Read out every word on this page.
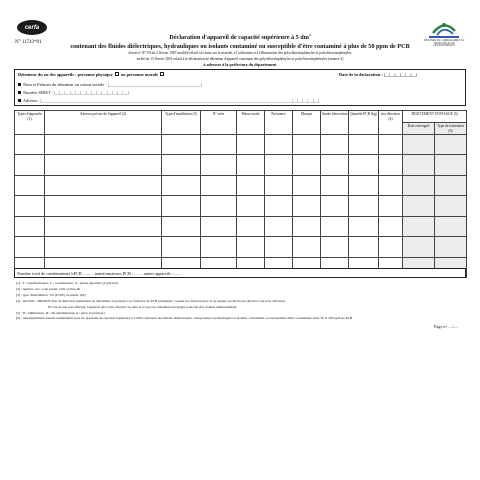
cerfa
N° 11743*01	MINISTÈRE DE L'AMÉNAGEMENT DU TERRITOIRE ET DE L'ENVIRONNEMENT
Déclaration d'appareil de capacité supérieure à 5 $dm^3$
contenant des fluides diélectriques, hydrauliques ou isolants contaminé ou susceptible d'être contaminé à plus de 50 ppm de PCB
décret n° 87-59 du 2 février 1987 modifié relatif à la mise sur le marché, à l'utilisation et à l'élimination des polychlorobiphényles et polychloroterphényles
arrêté du 13 février 2001 relatif à la déclaration de détention d'appareil contenant des polychlorobiphényles et polychloroterphényles (annexe 2)
à adresser à la préfecture du département
Détenteur du ou des appareils : personne physique ou personne morale	Date de la déclaration : |__|__|__|__|__|__|
Nom et Prénom du détenteur ou raison sociale : |__________________________________________|
Numéro SIRET : |__|__|__|__|__|__|__|__|__|__|__|__|__|__|
Adresse : |__________________________________________________________________________________________________________________|__|__|__|__|__|
Types d'appareils (1)	Adresse précise de l'appareil (2)	Type d'installation (3)	N° série	Masse totale	Puissance	Marque	Année fabrication	Quantité PCB (kg)	test détection (4)	TRAITEMENT ENVISAGE (5)	
										Date envisagée	Type de traitement (6)

Nombre total de condensateurs hPCB : ........ transformateurs PCB : ........ autres appareils : ........
(1) : T / transformateur, C / condensateur, A / autres appareils (à préciser)
(2) : numéro, rue, code postal, ville ou lieu dit
(3) : type d'installation : Ex (ICPE) ou métal- (M)
(4) : ID/UDS - HIDUDS Test de détection permettant de déterminer la présence ou l'absence de PCB (exemples : testeur par fluorescence X ou testeur par électrode sélective aux ions chlorure).
En cas de test non effectué, l'appareil devra être déclaré. La date et le type de traitement envisagés pourront être donnés ultérieurement.
(5) : D / élimination, D / décontamination, A / autre (à préciser)
(6) : renseignements fournis uniquement pour les appareils de capacité supérieure à 5 dm3 contenant des fluides diélectriques, calloporteurs, hydrauliques ou isolants contaminés ou susceptibles d'être contaminés entre 50 et 500 ppm de PCB
Page n° ..../....
